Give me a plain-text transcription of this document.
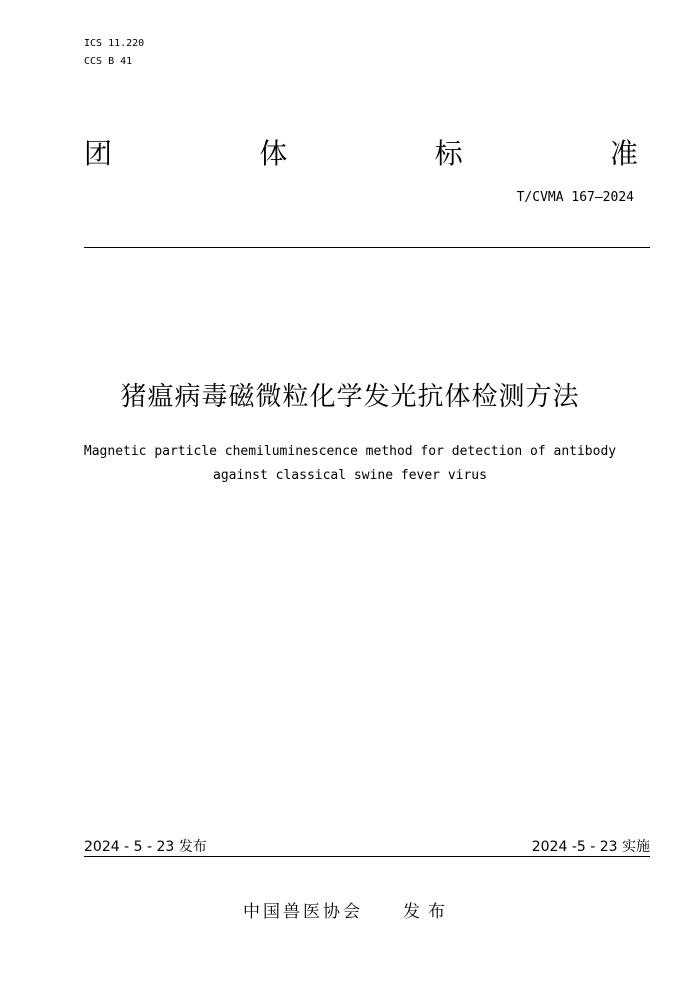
ICS 11.220
CCS B 41
团	体	标	准
T/CVMA 167—2024
猪瘟病毒磁微粒化学发光抗体检测方法
Magnetic particle chemiluminescence method for detection of antibody
against classical swine fever virus
2024 - 5 - 23 发布	2024 -5 - 23 实施
中国兽医协会 发布
